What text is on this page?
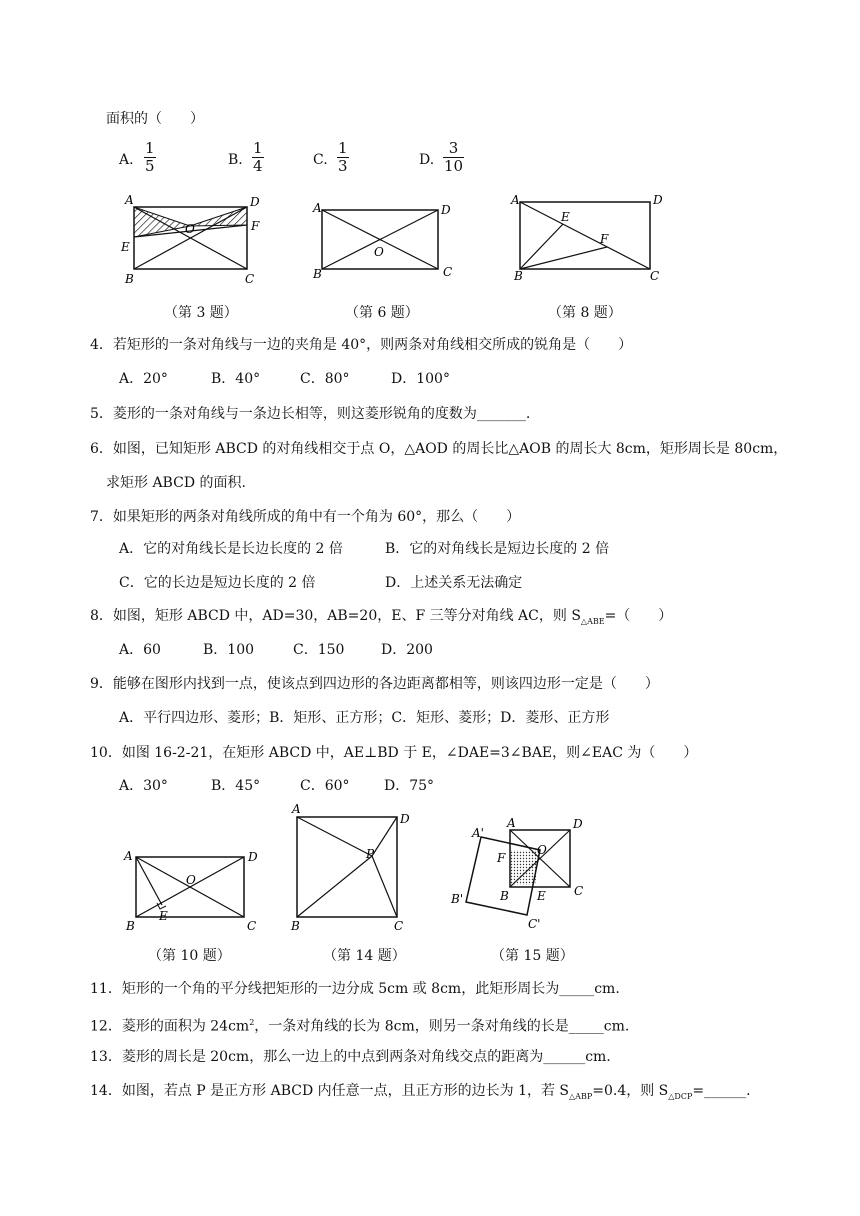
面积的（　　）
A. $\frac{1}{5}$	B. $\frac{1}{4}$	C. $\frac{1}{3}$	D. $\frac{3}{10}$
A	D
F
O
E
B	C
A	D
O
B	C
A	D
E
F
B	C
（第 3 题）	（第 6 题）	（第 8 题）
4．若矩形的一条对角线与一边的夹角是 40°，则两条对角线相交所成的锐角是（　　）
A．20°	B．40°	C．80°	D．100°
5．菱形的一条对角线与一条边长相等，则这菱形锐角的度数为_______.
6．如图，已知矩形 ABCD 的对角线相交于点 O，△AOD 的周长比△AOB 的周长大 8cm，矩形周长是 80cm，
求矩形 ABCD 的面积.
7．如果矩形的两条对角线所成的角中有一个角为 60°，那么（　　）
A．它的对角线长是长边长度的 2 倍	B．它的对角线长是短边长度的 2 倍
C．它的长边是短边长度的 2 倍	D．上述关系无法确定
8．如图，矩形 ABCD 中，AD=30，AB=20，E、F 三等分对角线 AC，则 $S_{\triangle ABE}=$（　　）
A．60	B．100	C．150	D．200
9．能够在图形内找到一点，使该点到四边形的各边距离都相等，则该四边形一定是（　　）
A．平行四边形、菱形；B．矩形、正方形；C．矩形、菱形；D．菱形、正方形
10．如图 16-2-21，在矩形 ABCD 中，AE⊥BD 于 E，∠DAE=3∠BAE，则∠EAC 为（　　）
A．30°	B．45°	C．60° D．75°
A	D
O
E
B	C
A
D
P
B	C
A'
A	D
F
O
B'	B E C
C'
（第 10 题）	（第 14 题）	（第 15 题）
11．矩形的一个角的平分线把矩形的一边分成 5cm 或 8cm，此矩形周长为_____cm.
12．菱形的面积为 $24cm^2$，一条对角线的长为 8cm，则另一条对角线的长是_____cm.
13．菱形的周长是 20cm，那么一边上的中点到两条对角线交点的距离为______cm.
14．如图，若点 P 是正方形 ABCD 内任意一点，且正方形的边长为 1，若 $S_{\triangle ABP}=0.4$，则 $S_{\triangle DCP}=\_\_\_\_\_\_$.
